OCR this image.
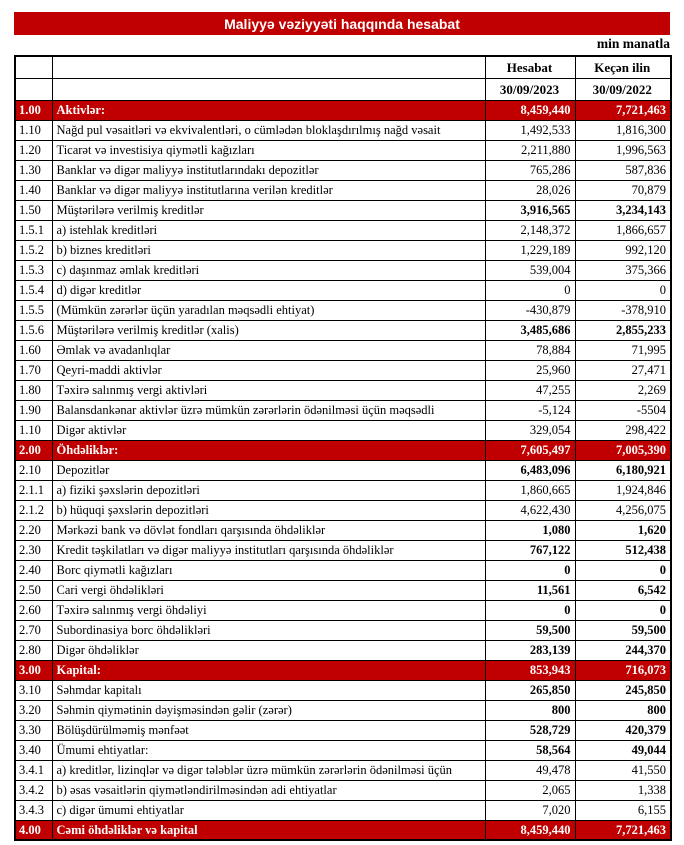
Maliyyə vəziyyəti haqqında hesabat
min manatla
		Hesabat	Keçən ilin
		30/09/2023	30/09/2022
1.00	Aktivlər:	8,459,440	7,721,463
1.10	Nağd pul vəsaitləri və ekvivalentləri, o cümlədən bloklaşdırılmış nağd vəsait	1,492,533	1,816,300
1.20	Ticarət və investisiya qiymətli kağızları	2,211,880	1,996,563
1.30	Banklar və digər maliyyə institutlarındakı depozitlər	765,286	587,836
1.40	Banklar və digər maliyyə institutlarına verilən kreditlər	28,026	70,879
1.50	Müştərilərə verilmiş kreditlər	3,916,565	3,234,143
1.5.1	a) istehlak kreditləri	2,148,372	1,866,657
1.5.2	b) biznes kreditləri	1,229,189	992,120
1.5.3	c) daşınmaz əmlak kreditləri	539,004	375,366
1.5.4	d) digər kreditlər	0	0
1.5.5	(Mümkün zərərlər üçün yaradılan məqsədli ehtiyat)	-430,879	-378,910
1.5.6	Müştərilərə verilmiş kreditlər (xalis)	3,485,686	2,855,233
1.60	Əmlak və avadanlıqlar	78,884	71,995
1.70	Qeyri-maddi aktivlər	25,960	27,471
1.80	Təxirə salınmış vergi aktivləri	47,255	2,269
1.90	Balansdankənar aktivlər üzrə mümkün zərərlərin ödənilməsi üçün məqsədli	-5,124	-5504
1.10	Digər aktivlər	329,054	298,422
2.00	Öhdəliklər:	7,605,497	7,005,390
2.10	Depozitlər	6,483,096	6,180,921
2.1.1	a) fiziki şəxslərin depozitləri	1,860,665	1,924,846
2.1.2	b) hüquqi şəxslərin depozitləri	4,622,430	4,256,075
2.20	Mərkəzi bank və dövlət fondları qarşısında öhdəliklər	1,080	1,620
2.30	Kredit təşkilatları və digər maliyyə institutları qarşısında öhdəliklər	767,122	512,438
2.40	Borc qiymətli kağızları	0	0
2.50	Cari vergi öhdəlikləri	11,561	6,542
2.60	Təxirə salınmış vergi öhdəliyi	0	0
2.70	Subordinasiya borc öhdəlikləri	59,500	59,500
2.80	Digər öhdəliklər	283,139	244,370
3.00	Kapital:	853,943	716,073
3.10	Səhmdar kapitalı	265,850	245,850
3.20	Səhmin qiymətinin dəyişməsindən gəlir (zərər)	800	800
3.30	Bölüşdürülməmiş mənfəət	528,729	420,379
3.40	Ümumi ehtiyatlar:	58,564	49,044
3.4.1	a) kreditlər, lizinqlər və digər tələblər üzrə mümkün zərərlərin ödənilməsi üçün	49,478	41,550
3.4.2	b) əsas vəsaitlərin qiymətləndirilməsindən adi ehtiyatlar	2,065	1,338
3.4.3	c) digər ümumi ehtiyatlar	7,020	6,155
4.00	Cəmi öhdəliklər və kapital	8,459,440	7,721,463
